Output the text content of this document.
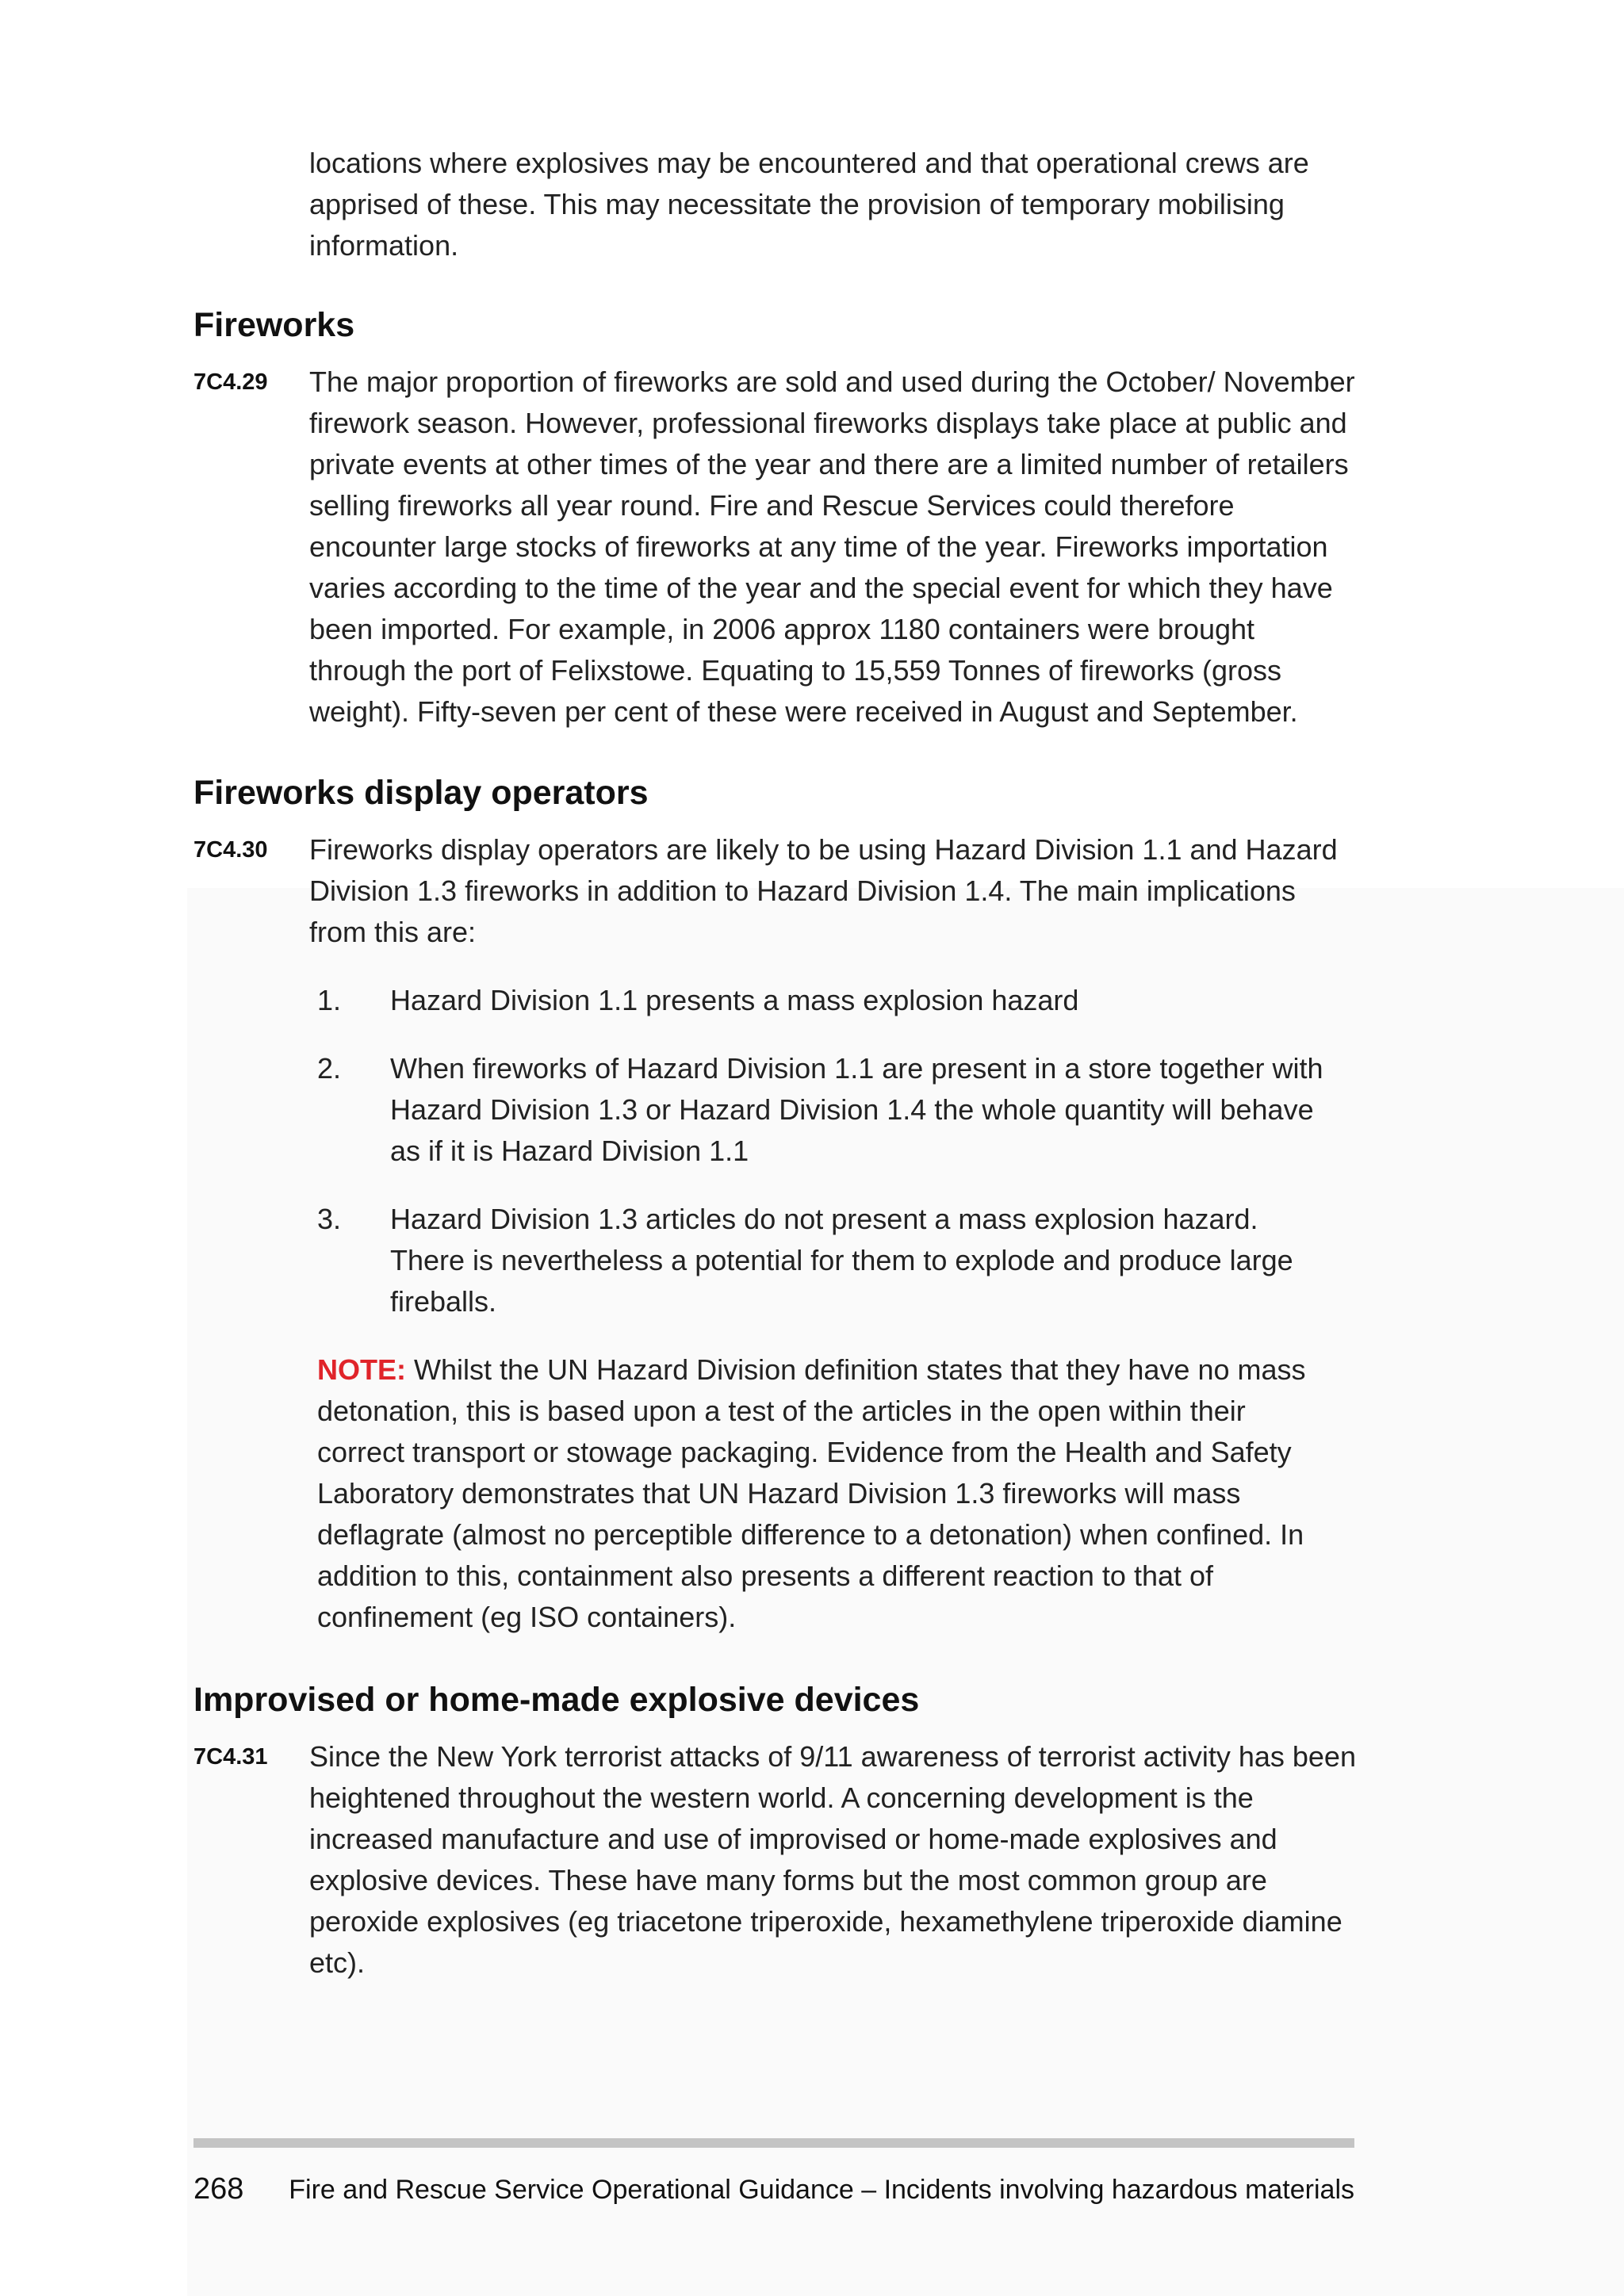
locations where explosives may be encountered and that operational crews are apprised of these. This may necessitate the provision of temporary mobilising information.
Fireworks
7C4.29	The major proportion of fireworks are sold and used during the October/ November firework season. However, professional fireworks displays take place at public and private events at other times of the year and there are a limited number of retailers selling fireworks all year round. Fire and Rescue Services could therefore encounter large stocks of fireworks at any time of the year. Fireworks importation varies according to the time of the year and the special event for which they have been imported. For example, in 2006 approx 1180 containers were brought through the port of Felixstowe. Equating to 15,559 Tonnes of fireworks (gross weight). Fifty-seven per cent of these were received in August and September.
Fireworks display operators
7C4.30	Fireworks display operators are likely to be using Hazard Division 1.1 and Hazard Division 1.3 fireworks in addition to Hazard Division 1.4. The main implications from this are:
1.	Hazard Division 1.1 presents a mass explosion hazard
2.	When fireworks of Hazard Division 1.1 are present in a store together with Hazard Division 1.3 or Hazard Division 1.4 the whole quantity will behave as if it is Hazard Division 1.1
3.	Hazard Division 1.3 articles do not present a mass explosion hazard. There is nevertheless a potential for them to explode and produce large fireballs.
NOTE: Whilst the UN Hazard Division definition states that they have no mass detonation, this is based upon a test of the articles in the open within their correct transport or stowage packaging. Evidence from the Health and Safety Laboratory demonstrates that UN Hazard Division 1.3 fireworks will mass deflagrate (almost no perceptible difference to a detonation) when confined. In addition to this, containment also presents a different reaction to that of confinement (eg ISO containers).
Improvised or home-made explosive devices
7C4.31	Since the New York terrorist attacks of 9/11 awareness of terrorist activity has been heightened throughout the western world. A concerning development is the increased manufacture and use of improvised or home-made explosives and explosive devices. These have many forms but the most common group are peroxide explosives (eg triacetone triperoxide, hexamethylene triperoxide diamine etc).
268 Fire and Rescue Service Operational Guidance – Incidents involving hazardous materials
